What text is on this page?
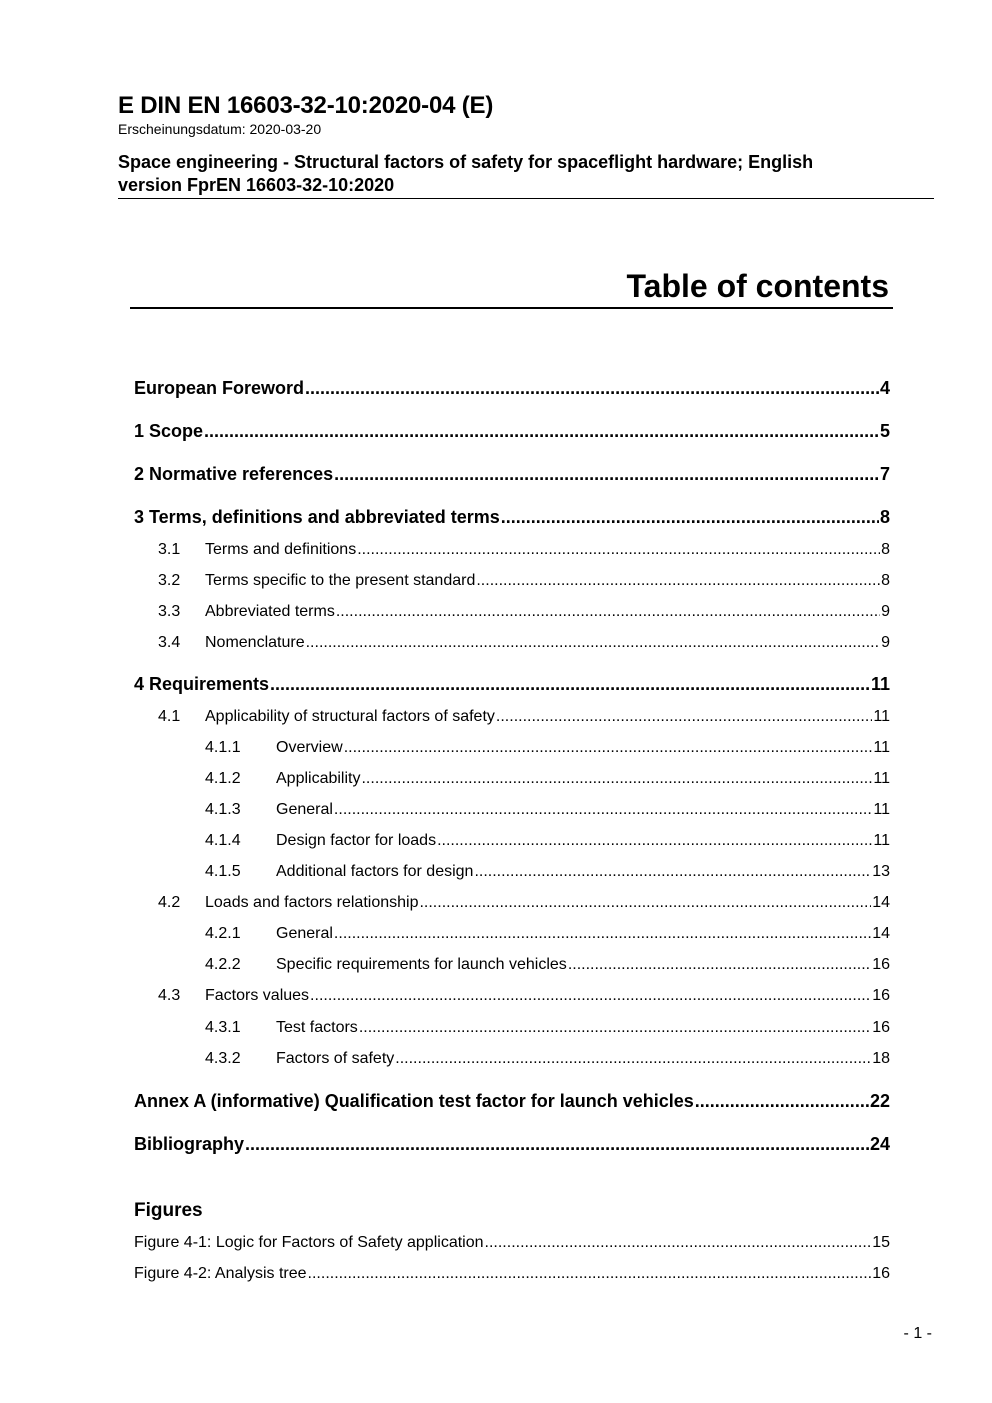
E DIN EN 16603-32-10:2020-04 (E)
Erscheinungsdatum: 2020-03-20
Space engineering - Structural factors of safety for spaceflight hardware; English
version FprEN 16603-32-10:2020
Table of contents
European Foreword .....	4
1 Scope .....	5
2 Normative references .....	7
3 Terms, definitions and abbreviated terms .....	8
3.1	Terms and definitions .....	8
3.2	Terms specific to the present standard .....	8
3.3	Abbreviated terms .....	9
3.4	Nomenclature .....	9
4 Requirements .....	11
4.1	Applicability of structural factors of safety .....	11
4.1.1	Overview .....	11
4.1.2	Applicability .....	11
4.1.3	General .....	11
4.1.4	Design factor for loads .....	11
4.1.5	Additional factors for design .....	13
4.2	Loads and factors relationship .....	14
4.2.1	General .....	14
4.2.2	Specific requirements for launch vehicles .....	16
4.3	Factors values .....	16
4.3.1	Test factors .....	16
4.3.2	Factors of safety .....	18
Annex A (informative) Qualification test factor for launch vehicles .....	22
Bibliography .....	24
Figures
Figure 4-1: Logic for Factors of Safety application .....	15
Figure 4-2: Analysis tree .....	16
- 1 -
